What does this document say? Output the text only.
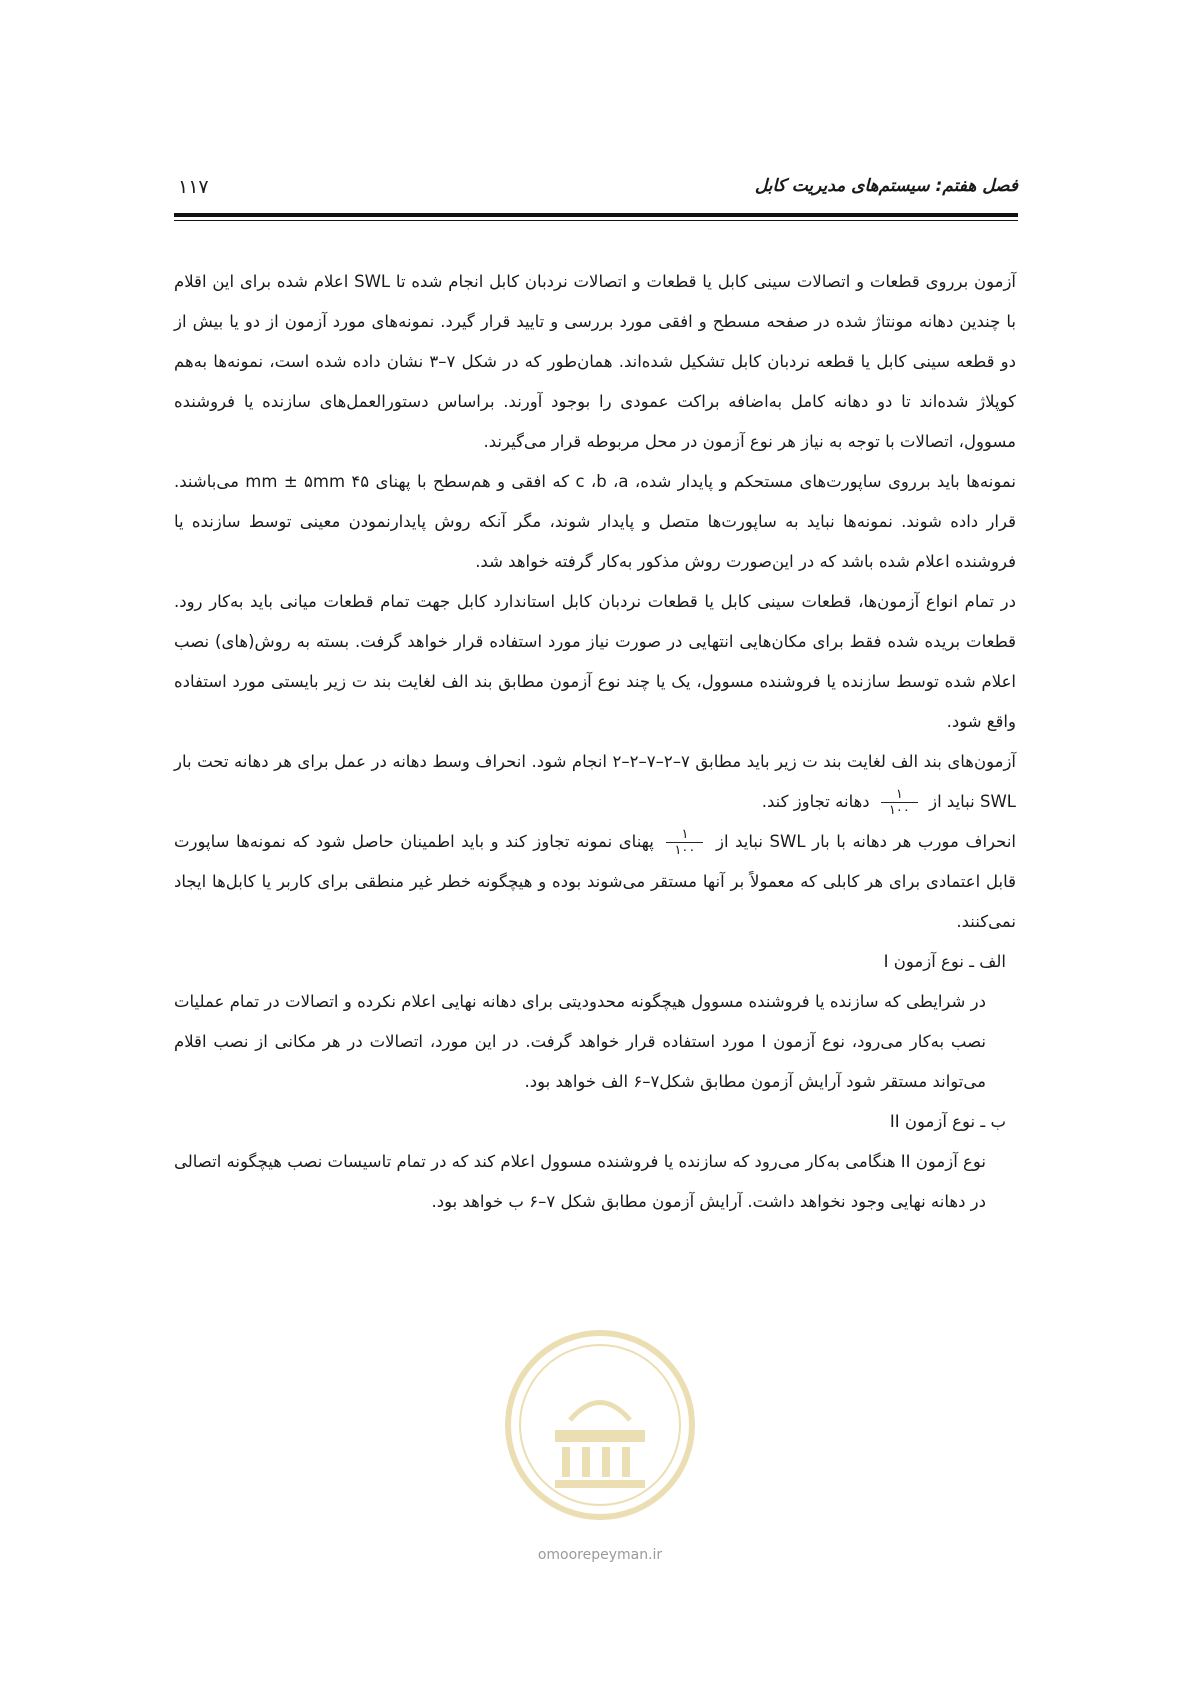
فصل هفتم: سیستم‌های مدیریت کابل
۱۱۷

آزمون برروی قطعات و اتصالات سینی کابل یا قطعات و اتصالات نردبان کابل انجام شده تا SWL اعلام شده برای این اقلام با چندین دهانه مونتاژ شده در صفحه مسطح و افقی مورد بررسی و تایید قرار گیرد. نمونه‌های مورد آزمون از دو یا بیش از دو قطعه سینی کابل یا قطعه نردبان کابل تشکیل شده‌اند. همان‌طور که در شکل ۷–۳ نشان داده شده است، نمونه‌ها به‌هم کوپلاژ شده‌اند تا دو دهانه کامل به‌اضافه براکت عمودی را بوجود آورند. براساس دستورالعمل‌های سازنده یا فروشنده مسوول، اتصالات با توجه به نیاز هر نوع آزمون در محل مربوطه قرار می‌گیرند.

نمونه‌ها باید برروی ساپورت‌های مستحکم و پایدار شده، c ،b ،a که افقی و هم‌سطح با پهنای ۴۵ mm ± ۵mm می‌باشند. قرار داده شوند. نمونه‌ها نباید به ساپورت‌ها متصل و پایدار شوند، مگر آنکه روش پایدارنمودن معینی توسط سازنده یا فروشنده اعلام شده باشد که در این‌صورت روش مذکور به‌کار گرفته خواهد شد.

در تمام انواع آزمون‌ها، قطعات سینی کابل یا قطعات نردبان کابل استاندارد کابل جهت تمام قطعات میانی باید به‌کار رود. قطعات بریده شده فقط برای مکان‌هایی انتهایی در صورت نیاز مورد استفاده قرار خواهد گرفت. بسته به روش(های) نصب اعلام شده توسط سازنده یا فروشنده مسوول، یک یا چند نوع آزمون مطابق بند الف لغایت بند ت زیر بایستی مورد استفاده واقع شود.

آزمون‌های بند الف لغایت بند ت زیر باید مطابق ۷–۲–۷–۲–۲ انجام شود. انحراف وسط دهانه در عمل برای هر دهانه تحت بار SWL نباید از
$\frac{۱}{۱۰۰}$
دهانه تجاوز کند.

انحراف مورب هر دهانه با بار SWL نباید از
$\frac{۱}{۱۰۰}$
پهنای نمونه تجاوز کند و باید اطمینان حاصل شود که نمونه‌ها ساپورت قابل اعتمادی برای هر کابلی که معمولاً بر آنها مستقر می‌شوند بوده و هیچگونه خطر غیر منطقی برای کاربر یا کابل‌ها ایجاد نمی‌کنند.

الف ـ نوع آزمون I

در شرایطی که سازنده یا فروشنده مسوول هیچگونه محدودیتی برای دهانه نهایی اعلام نکرده و اتصالات در تمام عملیات نصب به‌کار می‌رود، نوع آزمون I مورد استفاده قرار خواهد گرفت. در این مورد، اتصالات در هر مکانی از نصب اقلام می‌تواند مستقر شود آرایش آزمون مطابق شکل۷–۶ الف خواهد بود.

ب ـ نوع آزمون II

نوع آزمون II هنگامی به‌کار می‌رود که سازنده یا فروشنده مسوول اعلام کند که در تمام تاسیسات نصب هیچگونه اتصالی در دهانه نهایی وجود نخواهد داشت. آرایش آزمون مطابق شکل ۷–۶ ب خواهد بود.

omoorepeyman.ir
